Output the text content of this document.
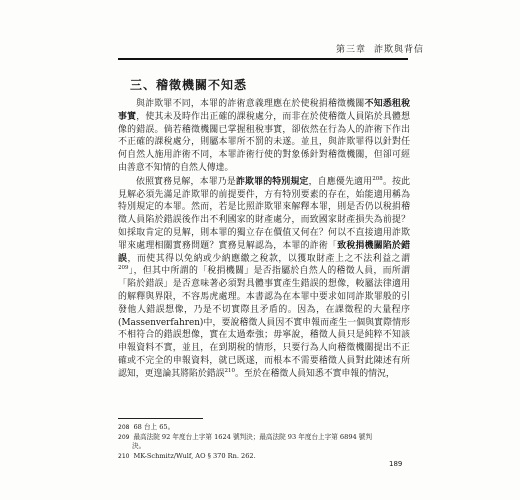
第三章 詐欺與背信
三、稽徵機關不知悉

與詐欺罪不同，本罪的詐術意義理應在於使稅捐稽徵機關不知悉租稅事實，使其未及時作出正確的課稅處分，而非在於使稽徵人員陷於具體想像的錯誤。倘若稽徵機關已掌握租稅事實，卻依然在行為人的詐術下作出不正確的課稅處分，則屬本罪所不罰的未遂。並且，與詐欺罪得以針對任何自然人施用詐術不同，本罪詐術行使的對象係針對稽徵機關，但卻可經由善意不知情的自然人傳達。

依照實務見解，本罪乃是詐欺罪的特別規定，自應優先適用$^{208}$。按此見解必須先滿足詐欺罪的前提要件，方有特別要素的存在，始能適用稱為特別規定的本罪。然而，若是比照詐欺罪來解釋本罪，則是否仍以稅捐稽徵人員陷於錯誤後作出不利國家的財產處分，而致國家財產損失為前提？如採取肯定的見解，則本罪的獨立存在價值又何在？何以不直接適用詐欺罪來處理相關實務問題？實務見解認為，本罪的詐術「致稅捐機關陷於錯誤，而使其得以免納或少納應繳之稅款，以獲取財產上之不法利益之謂$^{209}$」，但其中所謂的「稅捐機關」是否指屬於自然人的稽徵人員，而所謂「陷於錯誤」是否意味著必須對具體事實產生錯誤的想像，較屬法律適用的解釋與界限，不容馬虎處理。本書認為在本罪中要求如同詐欺罪般的引發他人錯誤想像，乃是不切實際且矛盾的。因為，在課徵程的大量程序(Massenverfahren)中，要說稽徵人員因不實申報而產生一個與實際情形不相符合的錯誤想像，實在太過牽強；毋寧說，稽徵人員只是純粹不知該申報資料不實，並且，在到期稅的情形，只要行為人向稽徵機關提出不正確或不完全的申報資料，就已既遂，而根本不需要稽徵人員對此陳述有所認知，更遑論其將陷於錯誤$^{210}$。至於在稽徵人員知悉不實申報的情況，

208 68 台上 65。
209 最高法院 92 年度台上字第 1624 號判決；最高法院 93 年度台上字第 6894 號判
決。
210 MK-Schmitz/Wulf, AO § 370 Rn. 262.
189
